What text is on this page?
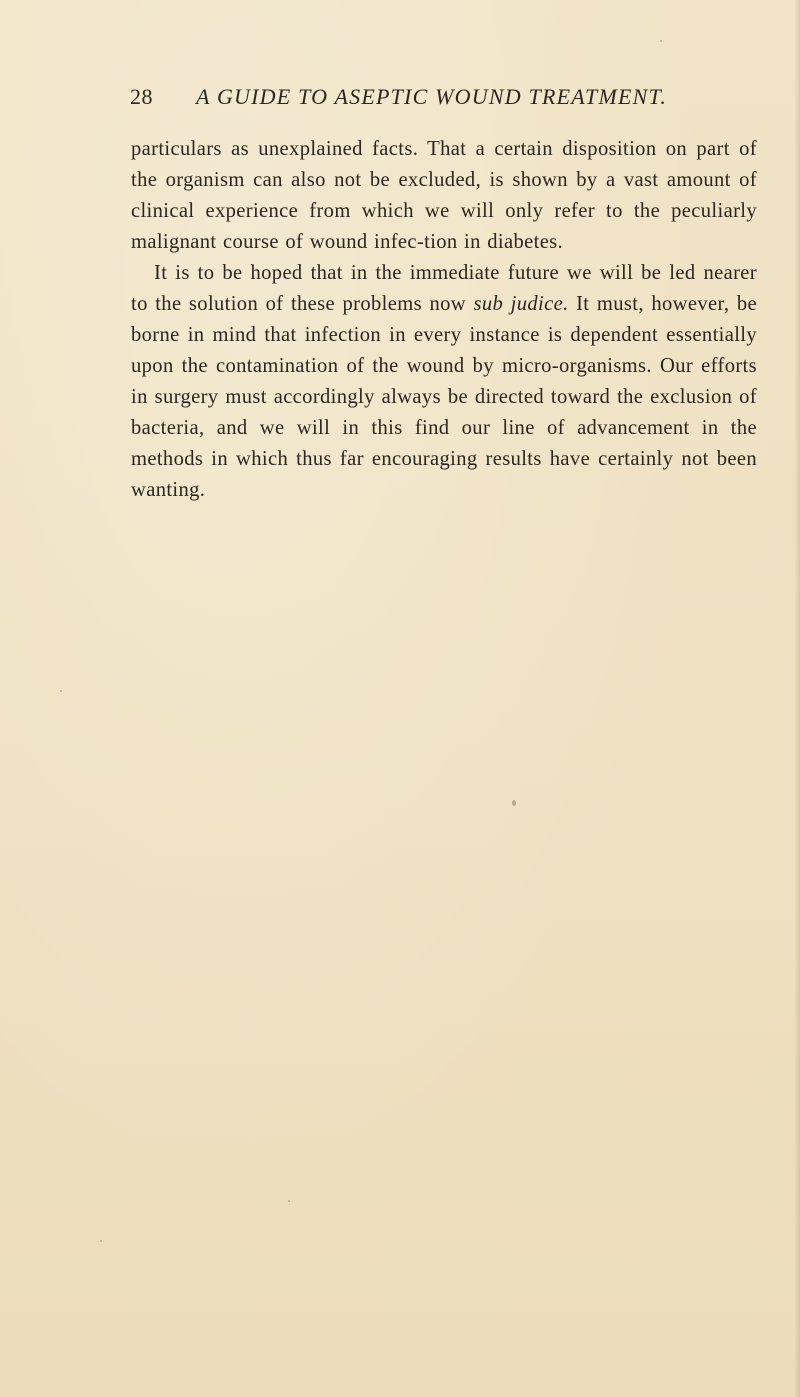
28 A GUIDE TO ASEPTIC WOUND TREATMENT.

particulars as unexplained facts. That a certain disposition on part of the organism can also not be excluded, is shown by a vast amount of clinical experience from which we will only refer to the peculiarly malignant course of wound infec-tion in diabetes.

It is to be hoped that in the immediate future we will be led nearer to the solution of these problems now sub judice. It must, however, be borne in mind that infection in every instance is dependent essentially upon the contamination of the wound by micro-organisms. Our efforts in surgery must accordingly always be directed toward the exclusion of bacteria, and we will in this find our line of advancement in the methods in which thus far encouraging results have certainly not been wanting.
